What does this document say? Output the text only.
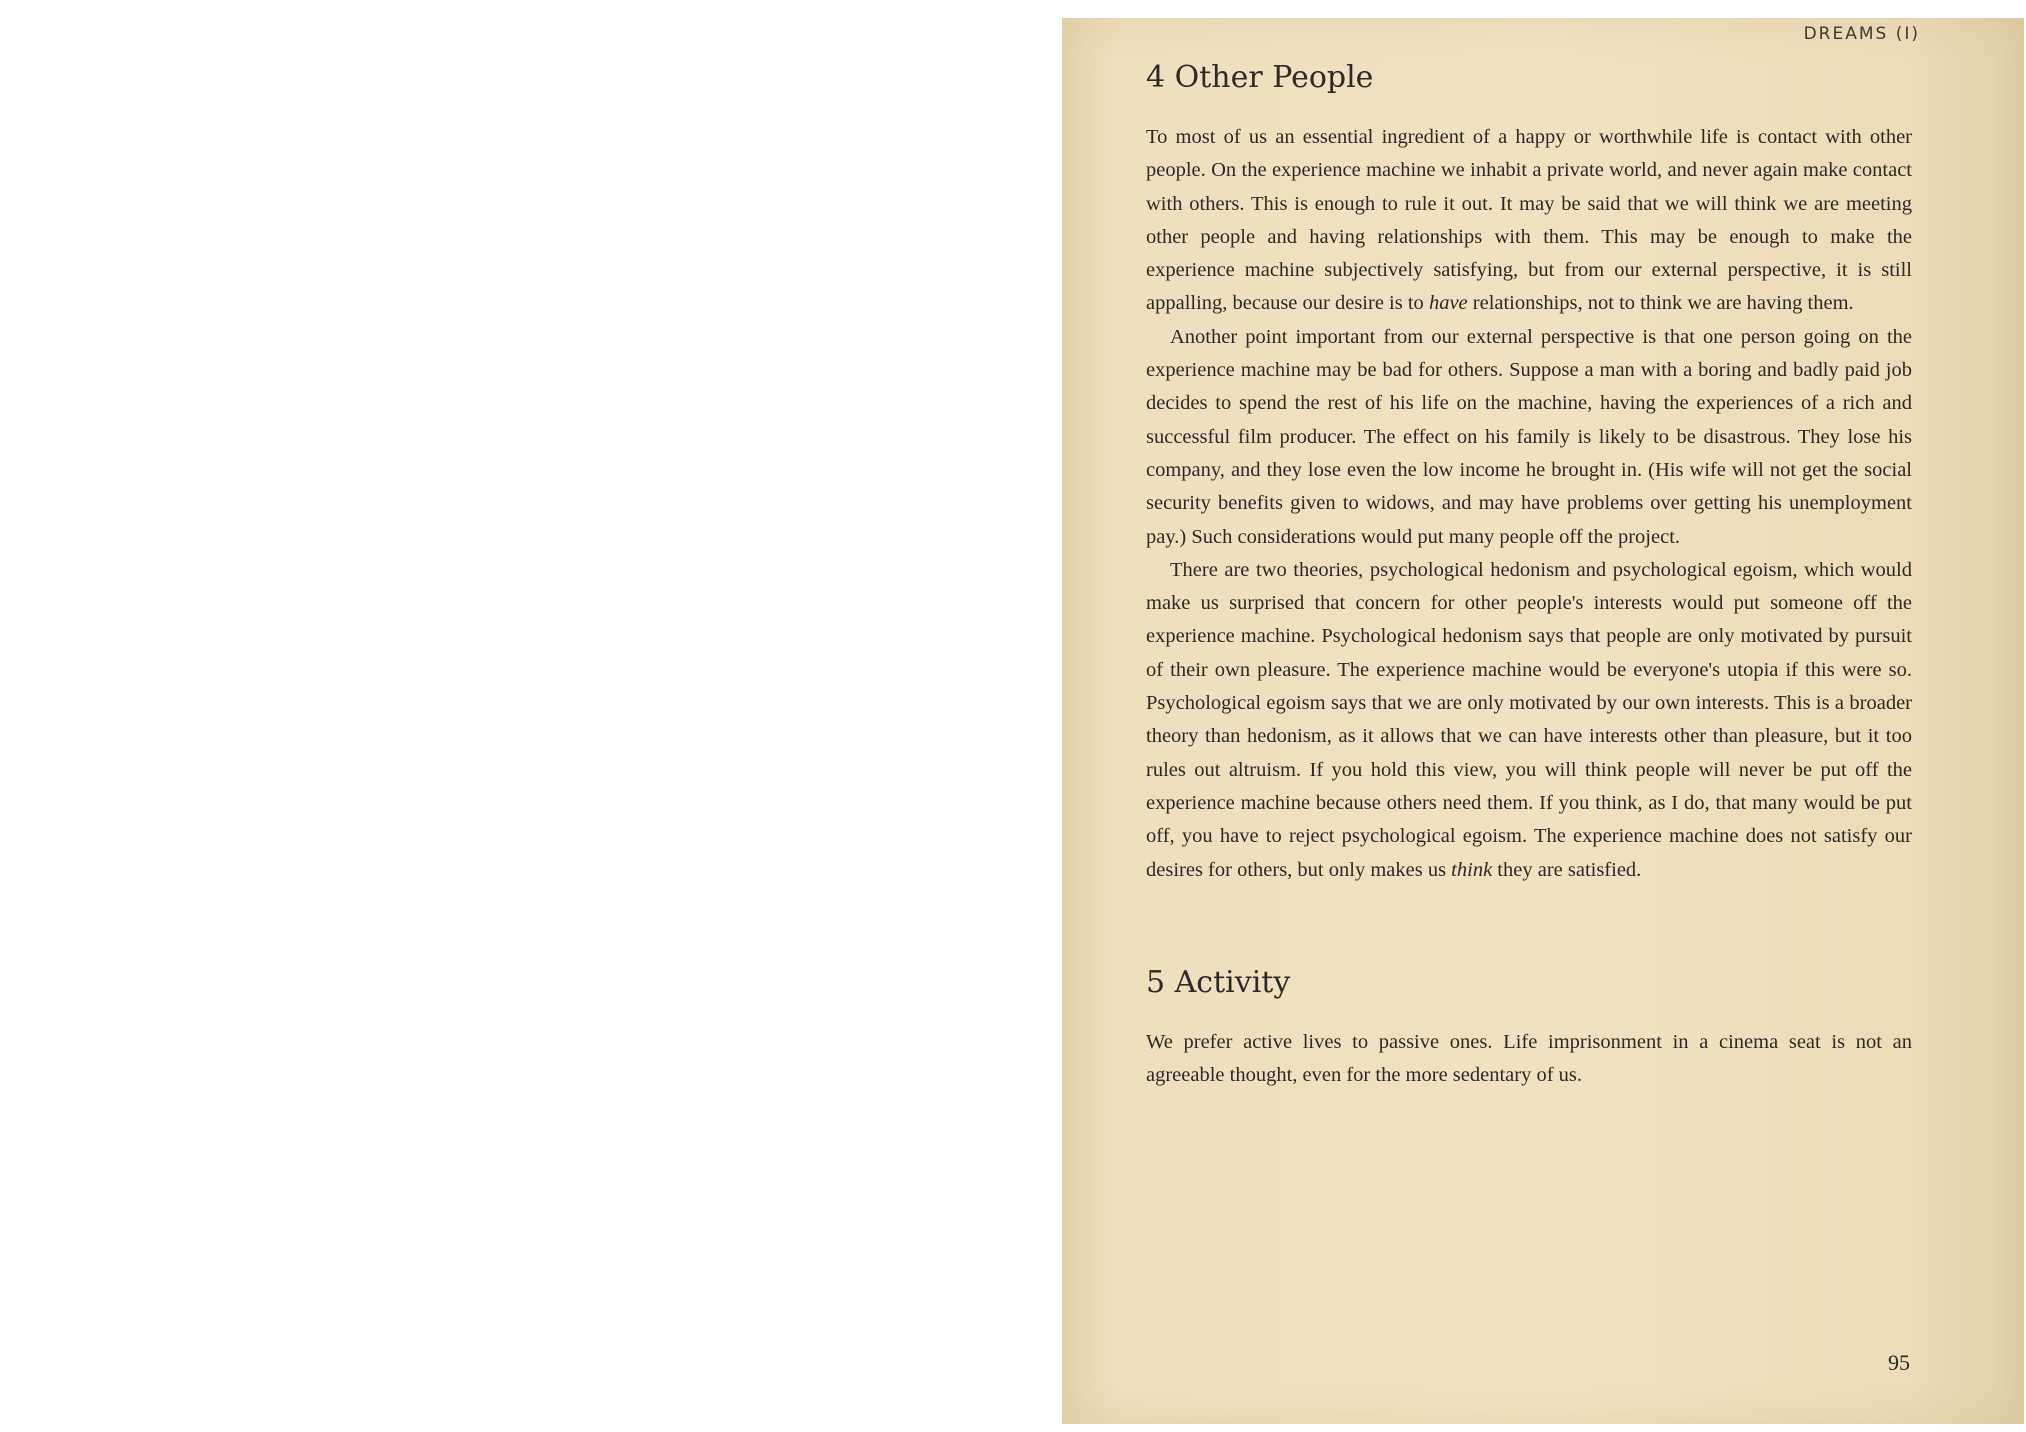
DREAMS (I)
4 Other People

To most of us an essential ingredient of a happy or worthwhile life is contact with other people. On the experience machine we inhabit a private world, and never again make contact with others. This is enough to rule it out. It may be said that we will think we are meeting other people and having relationships with them. This may be enough to make the experience machine subjectively satisfying, but from our external perspective, it is still appalling, because our desire is to have relationships, not to think we are having them.

Another point important from our external perspective is that one person going on the experience machine may be bad for others. Suppose a man with a boring and badly paid job decides to spend the rest of his life on the machine, having the experiences of a rich and successful film producer. The effect on his family is likely to be disastrous. They lose his company, and they lose even the low income he brought in. (His wife will not get the social security benefits given to widows, and may have problems over getting his unemployment pay.) Such considerations would put many people off the project.

There are two theories, psychological hedonism and psychological egoism, which would make us surprised that concern for other people's interests would put someone off the experience machine. Psychological hedonism says that people are only motivated by pursuit of their own pleasure. The experience machine would be everyone's utopia if this were so. Psychological egoism says that we are only motivated by our own interests. This is a broader theory than hedonism, as it allows that we can have interests other than pleasure, but it too rules out altruism. If you hold this view, you will think people will never be put off the experience machine because others need them. If you think, as I do, that many would be put off, you have to reject psychological egoism. The experience machine does not satisfy our desires for others, but only makes us think they are satisfied.

5 Activity

We prefer active lives to passive ones. Life imprisonment in a cinema seat is not an agreeable thought, even for the more sedentary of us.

95
